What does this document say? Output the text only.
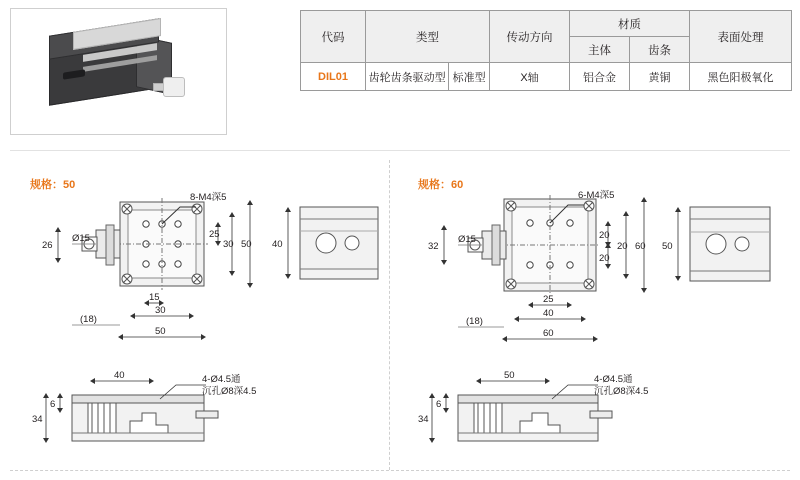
代码	类型		传动方向	材质		表面处理
				主体	齿条	
DIL01	齿轮齿条驱动型	标准型	X轴	铝合金	黄铜	黑色阳极氧化
规格：50
26
Ø15	25
30 50
15
30
50
(18)
40
8-M4深5
40
34
6
4-Ø4.5通
沉孔Ø8深4.5
规格：60
32
Ø15	20
20
20 60
25
40
60
(18)
50
6-M4深5
50
34
6
4-Ø4.5通
沉孔Ø8深4.5
